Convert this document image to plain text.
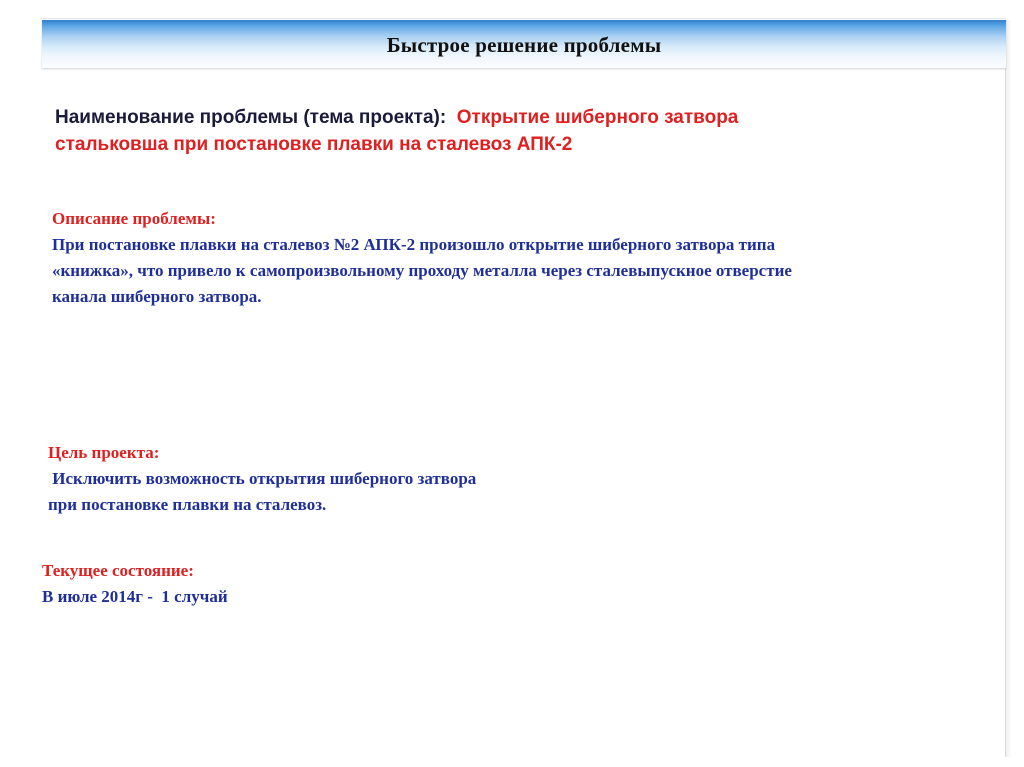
Быстрое решение проблемы
Наименование проблемы (тема проекта): Открытие шиберного затвора
стальковша при постановке плавки на сталевоз АПК-2
Описание проблемы:
При постановке плавки на сталевоз №2 АПК-2 произошло открытие шиберного затвора типа
«книжка», что привело к самопроизвольному проходу металла через сталевыпускное отверстие
канала шиберного затвора.
Цель проекта:
Исключить возможность открытия шиберного затвора
при постановке плавки на сталевоз.
Текущее состояние:
В июле 2014г -  1 случай
